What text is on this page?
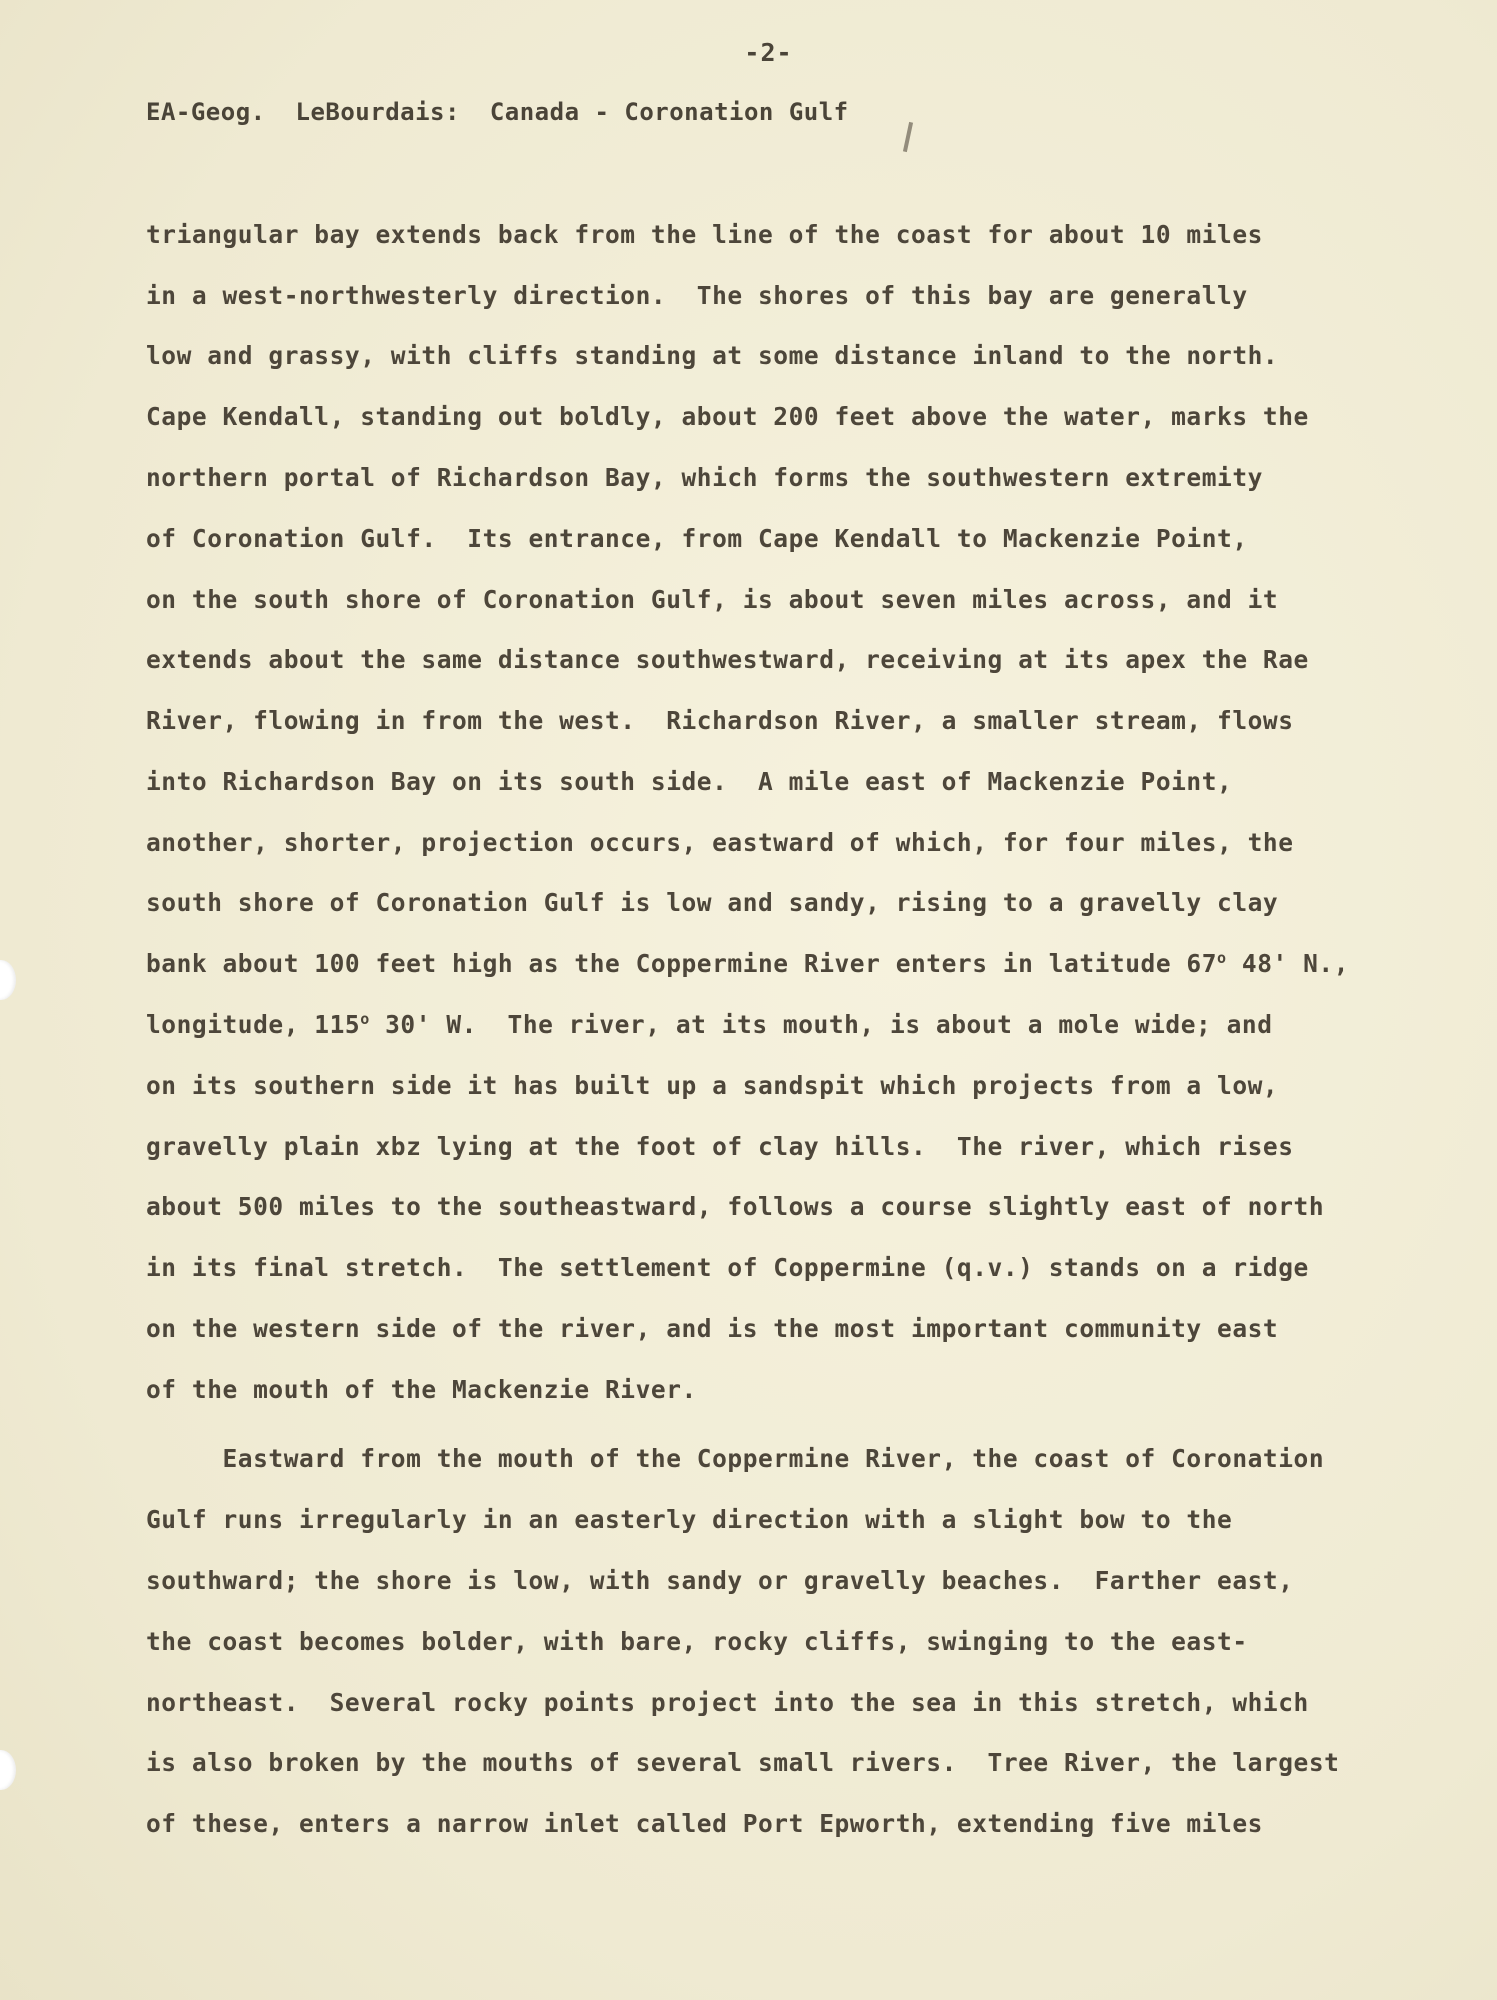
-2-
EA-Geog.  LeBourdais:  Canada - Coronation Gulf
triangular bay extends back from the line of the coast for about 10 miles
in a west-northwesterly direction.  The shores of this bay are generally
low and grassy, with cliffs standing at some distance inland to the north.
Cape Kendall, standing out boldly, about 200 feet above the water, marks the
northern portal of Richardson Bay, which forms the southwestern extremity
of Coronation Gulf.  Its entrance, from Cape Kendall to Mackenzie Point,
on the south shore of Coronation Gulf, is about seven miles across, and it
extends about the same distance southwestward, receiving at its apex the Rae
River, flowing in from the west.  Richardson River, a smaller stream, flows
into Richardson Bay on its south side.  A mile east of Mackenzie Point,
another, shorter, projection occurs, eastward of which, for four miles, the
south shore of Coronation Gulf is low and sandy, rising to a gravelly clay
bank about 100 feet high as the Coppermine River enters in latitude 67$^o$ 48' N.,
longitude, 115$^o$ 30' W.  The river, at its mouth, is about a mole wide; and
on its southern side it has built up a sandspit which projects from a low,
gravelly plain xbz lying at the foot of clay hills.  The river, which rises
about 500 miles to the southeastward, follows a course slightly east of north
in its final stretch.  The settlement of Coppermine (q.v.) stands on a ridge
on the western side of the river, and is the most important community east
of the mouth of the Mackenzie River.
Eastward from the mouth of the Coppermine River, the coast of Coronation
Gulf runs irregularly in an easterly direction with a slight bow to the
southward; the shore is low, with sandy or gravelly beaches.  Farther east,
the coast becomes bolder, with bare, rocky cliffs, swinging to the east-
northeast.  Several rocky points project into the sea in this stretch, which
is also broken by the mouths of several small rivers.  Tree River, the largest
of these, enters a narrow inlet called Port Epworth, extending five miles
